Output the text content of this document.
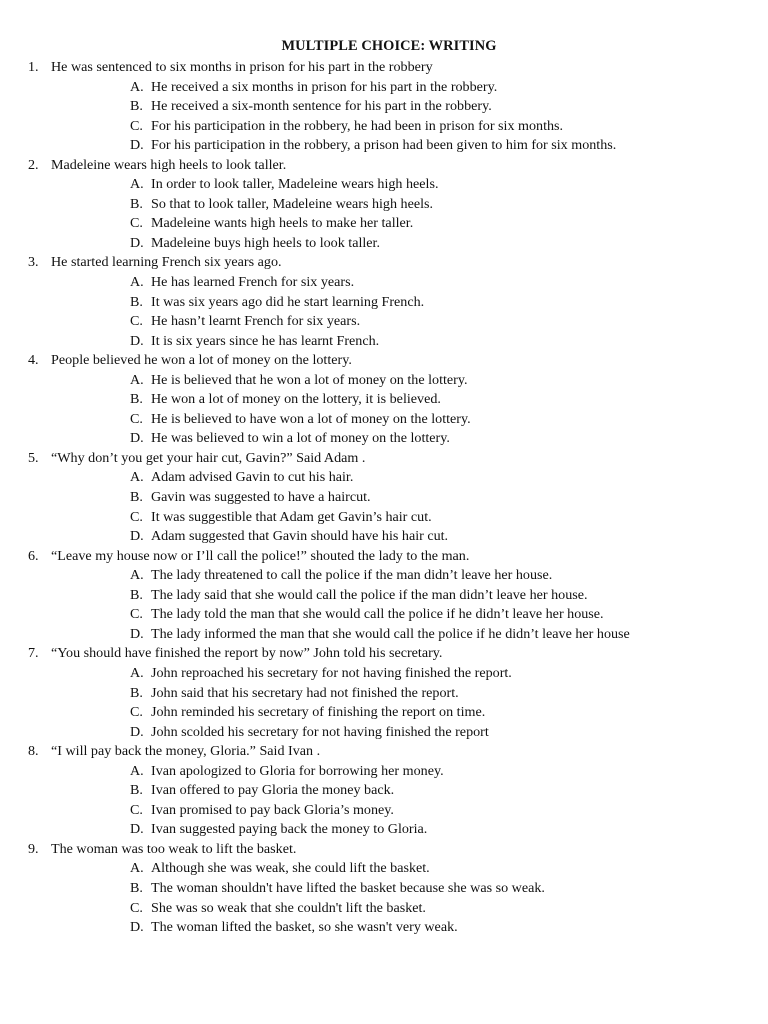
MULTIPLE CHOICE: WRITING
1. He was sentenced to six months in prison for his part in the robbery
A. He received a six months in prison for his part in the robbery.
B. He received a six-month sentence for his part in the robbery.
C. For his participation in the robbery, he had been in prison for six months.
D. For his participation in the robbery, a prison had been given to him for six months.
2. Madeleine wears high heels to look taller.
A. In order to look taller, Madeleine wears high heels.
B. So that to look taller, Madeleine wears high heels.
C. Madeleine wants high heels to make her taller.
D. Madeleine buys high heels to look taller.
3. He started learning French six years ago.
A. He has learned French for six years.
B. It was six years ago did he start learning French.
C. He hasn’t learnt French for six years.
D. It is six years since he has learnt French.
4. People believed he won a lot of money on the lottery.
A. He is believed that he won a lot of money on the lottery.
B. He won a lot of money on the lottery, it is believed.
C. He is believed to have won a lot of money on the lottery.
D. He was believed to win a lot of money on the lottery.
5. “Why don’t you get your hair cut, Gavin?” Said Adam .
A. Adam advised Gavin to cut his hair.
B. Gavin was suggested to have a haircut.
C. It was suggestible that Adam get Gavin’s hair cut.
D. Adam suggested that Gavin should have his hair cut.
6. “Leave my house now or I’ll call the police!” shouted the lady to the man.
A. The lady threatened to call the police if the man didn’t leave her house.
B. The lady said that she would call the police if the man didn’t leave her house.
C. The lady told the man that she would call the police if he didn’t leave her house.
D. The lady informed the man that she would call the police if he didn’t leave her house
7. “You should have finished the report by now” John told his secretary.
A. John reproached his secretary for not having finished the report.
B. John said that his secretary had not finished the report.
C. John reminded his secretary of finishing the report on time.
D. John scolded his secretary for not having finished the report
8. “I will pay back the money, Gloria.” Said Ivan .
A. Ivan apologized to Gloria for borrowing her money.
B. Ivan offered to pay Gloria the money back.
C. Ivan promised to pay back Gloria’s money.
D. Ivan suggested paying back the money to Gloria.
9. The woman was too weak to lift the basket.
A. Although she was weak, she could lift the basket.
B. The woman shouldn't have lifted the basket because she was so weak.
C. She was so weak that she couldn't lift the basket.
D. The woman lifted the basket, so she wasn't very weak.
